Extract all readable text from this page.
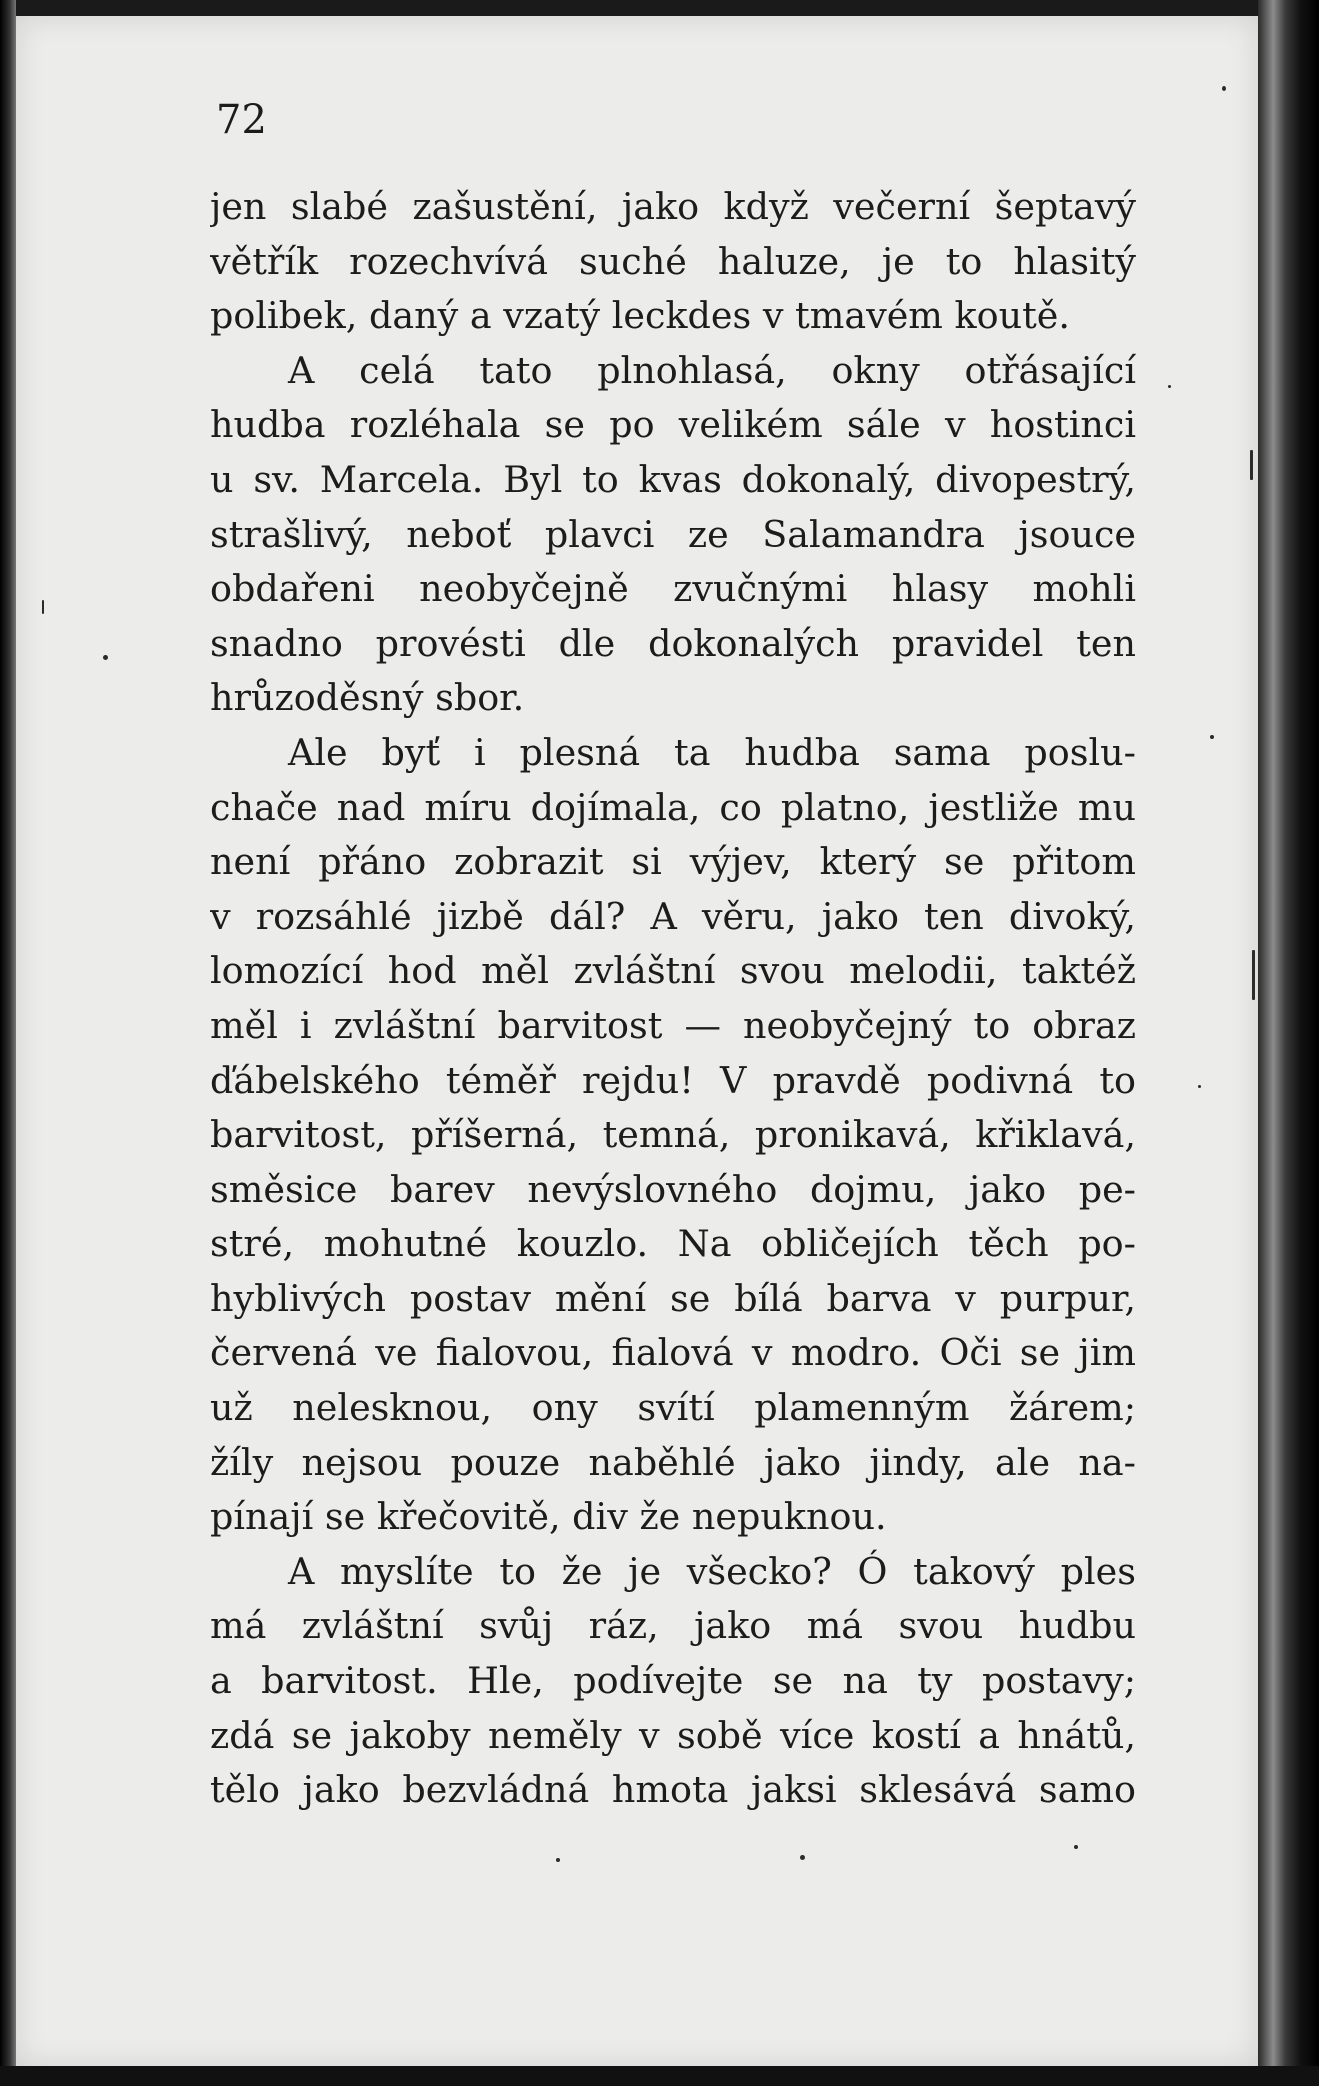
72
jen slabé zašustění, jako když večerní šeptavý
větřík rozechvívá suché haluze, je to hlasitý
polibek, daný a vzatý leckdes v tmavém koutě.
A celá tato plnohlasá, okny otřásající
hudba rozléhala se po velikém sále v hostinci
u sv. Marcela. Byl to kvas dokonalý, divopestrý,
strašlivý, neboť plavci ze Salamandra jsouce
obdařeni neobyčejně zvučnými hlasy mohli
snadno provésti dle dokonalých pravidel ten
hrůzoděsný sbor.
Ale byť i plesná ta hudba sama poslu-
chače nad míru dojímala, co platno, jestliže mu
není přáno zobrazit si výjev, který se přitom
v rozsáhlé jizbě dál? A věru, jako ten divoký,
lomozící hod měl zvláštní svou melodii, taktéž
měl i zvláštní barvitost — neobyčejný to obraz
ďábelského téměř rejdu! V pravdě podivná to
barvitost, příšerná, temná, pronikavá, křiklavá,
směsice barev nevýslovného dojmu, jako pe-
stré, mohutné kouzlo. Na obličejích těch po-
hyblivých postav mění se bílá barva v purpur,
červená ve fialovou, fialová v modro. Oči se jim
už nelesknou, ony svítí plamenným žárem;
žíly nejsou pouze naběhlé jako jindy, ale na-
pínají se křečovitě, div že nepuknou.
A myslíte to že je všecko? Ó takový ples
má zvláštní svůj ráz, jako má svou hudbu
a barvitost. Hle, podívejte se na ty postavy;
zdá se jakoby neměly v sobě více kostí a hnátů,
tělo jako bezvládná hmota jaksi sklesává samo
